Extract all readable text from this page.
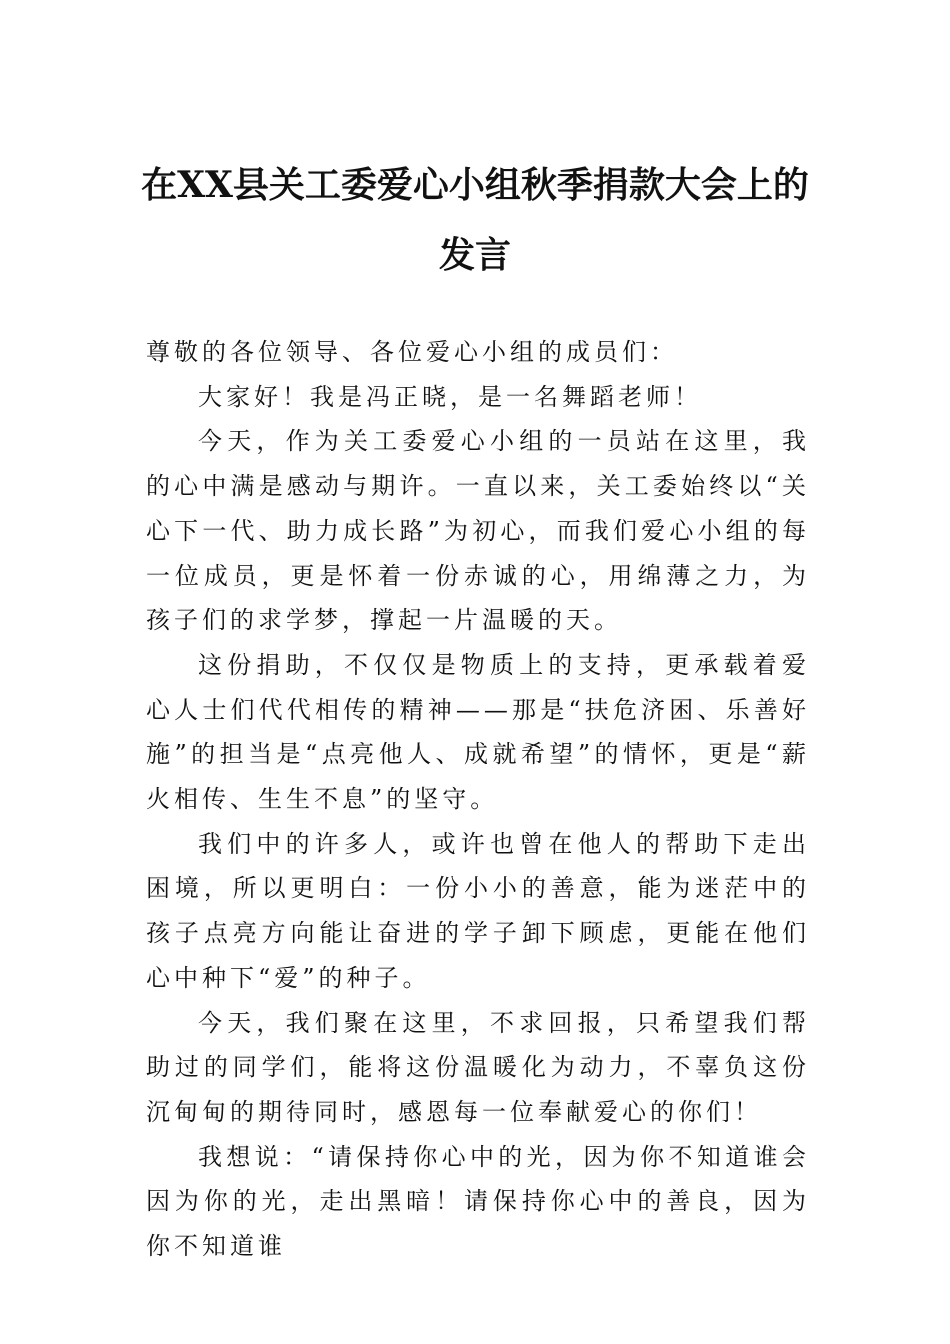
在XX县关工委爱心小组秋季捐款大会上的
发言

尊敬的各位领导、各位爱心小组的成员们：

大家好！我是冯正晓，是一名舞蹈老师！

今天，作为关工委爱心小组的一员站在这里，我的心中满是感动与期许。一直以来，关工委始终以“关心下一代、助力成长路”为初心，而我们爱心小组的每一位成员，更是怀着一份赤诚的心，用绵薄之力，为孩子们的求学梦，撑起一片温暖的天。

这份捐助，不仅仅是物质上的支持，更承载着爱心人士们代代相传的精神——那是“扶危济困、乐善好施”的担当是“点亮他人、成就希望”的情怀，更是“薪火相传、生生不息”的坚守。

我们中的许多人，或许也曾在他人的帮助下走出困境，所以更明白：一份小小的善意，能为迷茫中的孩子点亮方向能让奋进的学子卸下顾虑，更能在他们心中种下“爱”的种子。

今天，我们聚在这里，不求回报，只希望我们帮助过的同学们，能将这份温暖化为动力，不辜负这份沉甸甸的期待同时，感恩每一位奉献爱心的你们！

我想说：“请保持你心中的光，因为你不知道谁会因为你的光，走出黑暗！请保持你心中的善良，因为你不知道谁
